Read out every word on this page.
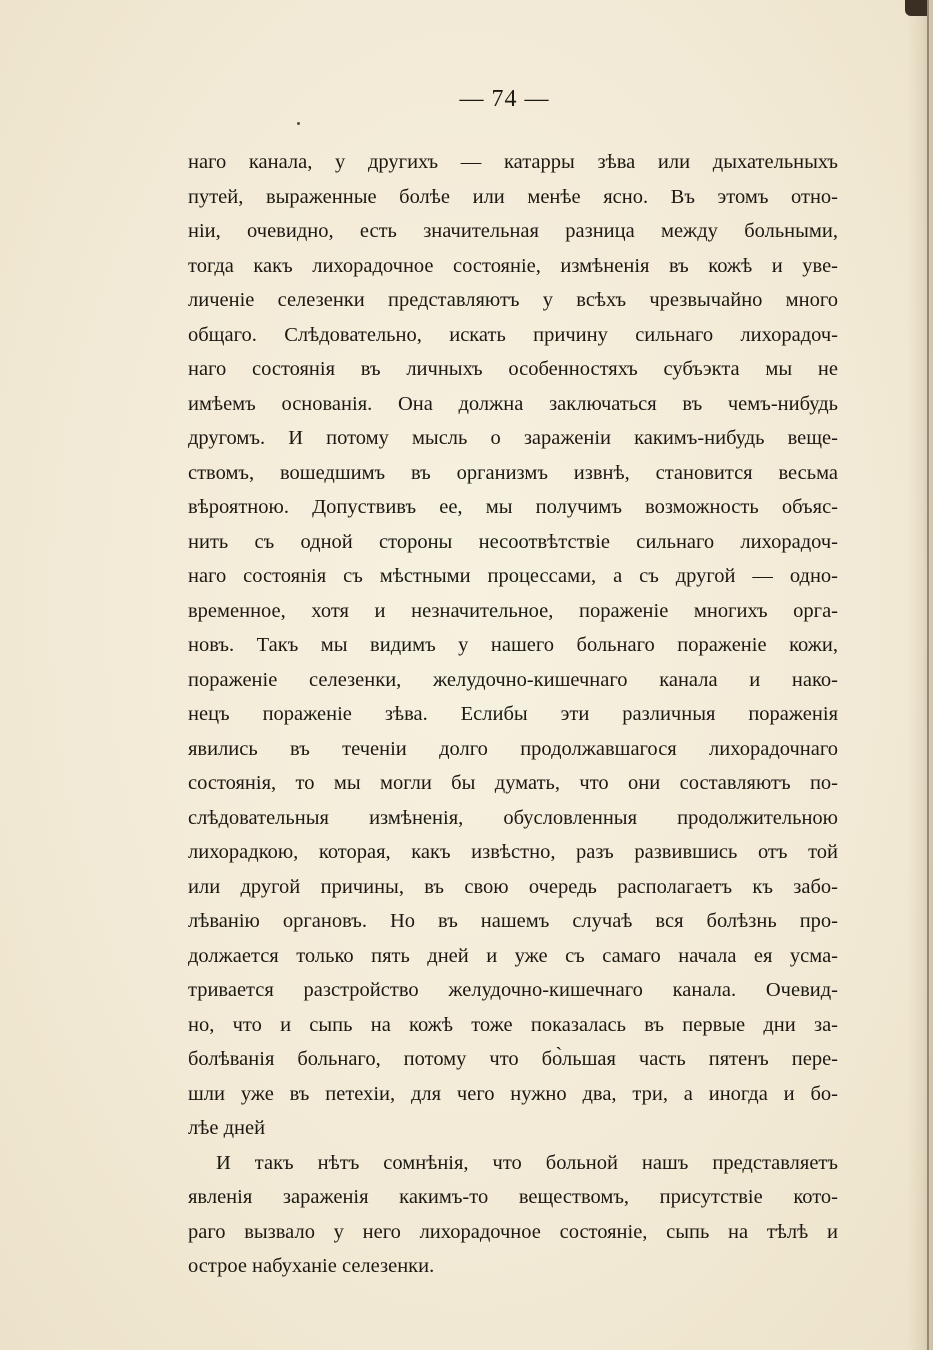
— 74 —
наго канала, у другихъ — катарры зѣва или дыхательныхъ
путей, выраженные болѣе или менѣе ясно. Въ этомъ отно-
ніи, очевидно, есть значительная разница между больными,
тогда какъ лихорадочное состояніе, измѣненія въ кожѣ и уве-
личеніе селезенки представляютъ у всѣхъ чрезвычайно много
общаго. Слѣдовательно, искать причину сильнаго лихорадоч-
наго состоянія въ личныхъ особенностяхъ субъэкта мы не
имѣемъ основанія. Она должна заключаться въ чемъ-нибудь
другомъ. И потому мысль о зараженіи какимъ-нибудь веще-
ствомъ, вошедшимъ въ организмъ извнѣ, становится весьма
вѣроятною. Допуствивъ ее, мы получимъ возможность объяс-
нить съ одной стороны несоотвѣтствіе сильнаго лихорадоч-
наго состоянія съ мѣстными процессами, а съ другой — одно-
временное, хотя и незначительное, пораженіе многихъ орга-
новъ. Такъ мы видимъ у нашего больнаго пораженіе кожи,
пораженіе селезенки, желудочно-кишечнаго канала и нако-
нецъ пораженіе зѣва. Еслибы эти различныя пораженія
явились въ теченіи долго продолжавшагося лихорадочнаго
состоянія, то мы могли бы думать, что они составляютъ по-
слѣдовательныя измѣненія, обусловленныя продолжительною
лихорадкою, которая, какъ извѣстно, разъ развившись отъ той
или другой причины, въ свою очередь располагаетъ къ забо-
лѣванію органовъ. Но въ нашемъ случаѣ вся болѣзнь про-
должается только пять дней и уже съ самаго начала ея усма-
тривается разстройство желудочно-кишечнаго канала. Очевид-
но, что и сыпь на кожѣ тоже показалась въ первые дни за-
болѣванія больнаго, потому что бо̀льшая часть пятенъ пере-
шли уже въ петехіи, для чего нужно два, три, а иногда и бо-
лѣе дней
И такъ нѣтъ сомнѣнія, что больной нашъ представляетъ
явленія зараженія какимъ-то веществомъ, присутствіе кото-
раго вызвало у него лихорадочное состояніе, сыпь на тѣлѣ и
острое набуханіе селезенки.
